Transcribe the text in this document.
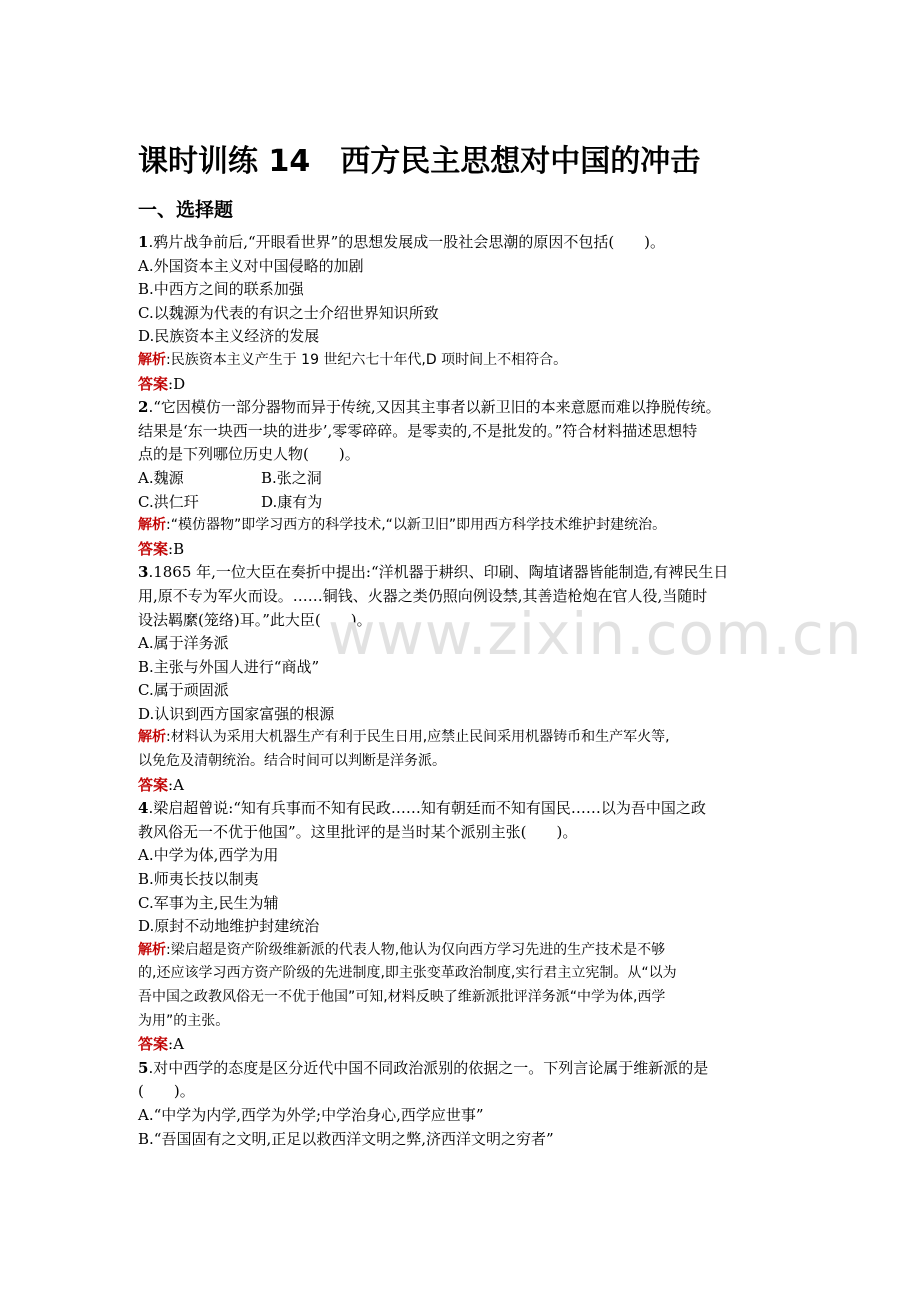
课时训练 14　西方民主思想对中国的冲击
一、选择题
1.鸦片战争前后,“开眼看世界”的思想发展成一股社会思潮的原因不包括(　　)。
A.外国资本主义对中国侵略的加剧
B.中西方之间的联系加强
C.以魏源为代表的有识之士介绍世界知识所致
D.民族资本主义经济的发展
解析:民族资本主义产生于 19 世纪六七十年代,D 项时间上不相符合。
答案:D
2.“它因模仿一部分器物而异于传统,又因其主事者以新卫旧的本来意愿而难以挣脱传统。
结果是‘东一块西一块的进步’,零零碎碎。是零卖的,不是批发的。”符合材料描述思想特
点的是下列哪位历史人物(　　)。
A.魏源	B.张之洞
C.洪仁玕	D.康有为
解析:“模仿器物”即学习西方的科学技术,“以新卫旧”即用西方科学技术维护封建统治。
答案:B
3.1865 年,一位大臣在奏折中提出:“洋机器于耕织、印刷、陶埴诸器皆能制造,有裨民生日
用,原不专为军火而设。……铜钱、火器之类仍照向例设禁,其善造枪炮在官人役,当随时
设法羁縻(笼络)耳。”此大臣(　　)。
A.属于洋务派
B.主张与外国人进行“商战”
C.属于顽固派
D.认识到西方国家富强的根源
解析:材料认为采用大机器生产有利于民生日用,应禁止民间采用机器铸币和生产军火等,
以免危及清朝统治。结合时间可以判断是洋务派。
答案:A
4.梁启超曾说:“知有兵事而不知有民政……知有朝廷而不知有国民……以为吾中国之政
教风俗无一不优于他国”。这里批评的是当时某个派别主张(　　)。
A.中学为体,西学为用
B.师夷长技以制夷
C.军事为主,民生为辅
D.原封不动地维护封建统治
解析:梁启超是资产阶级维新派的代表人物,他认为仅向西方学习先进的生产技术是不够
的,还应该学习西方资产阶级的先进制度,即主张变革政治制度,实行君主立宪制。从“以为
吾中国之政教风俗无一不优于他国”可知,材料反映了维新派批评洋务派“中学为体,西学
为用”的主张。
答案:A
5.对中西学的态度是区分近代中国不同政治派别的依据之一。下列言论属于维新派的是
(　　)。
A.“中学为内学,西学为外学;中学治身心,西学应世事”
B.“吾国固有之文明,正足以救西洋文明之弊,济西洋文明之穷者”
www.zixin.com.cn
